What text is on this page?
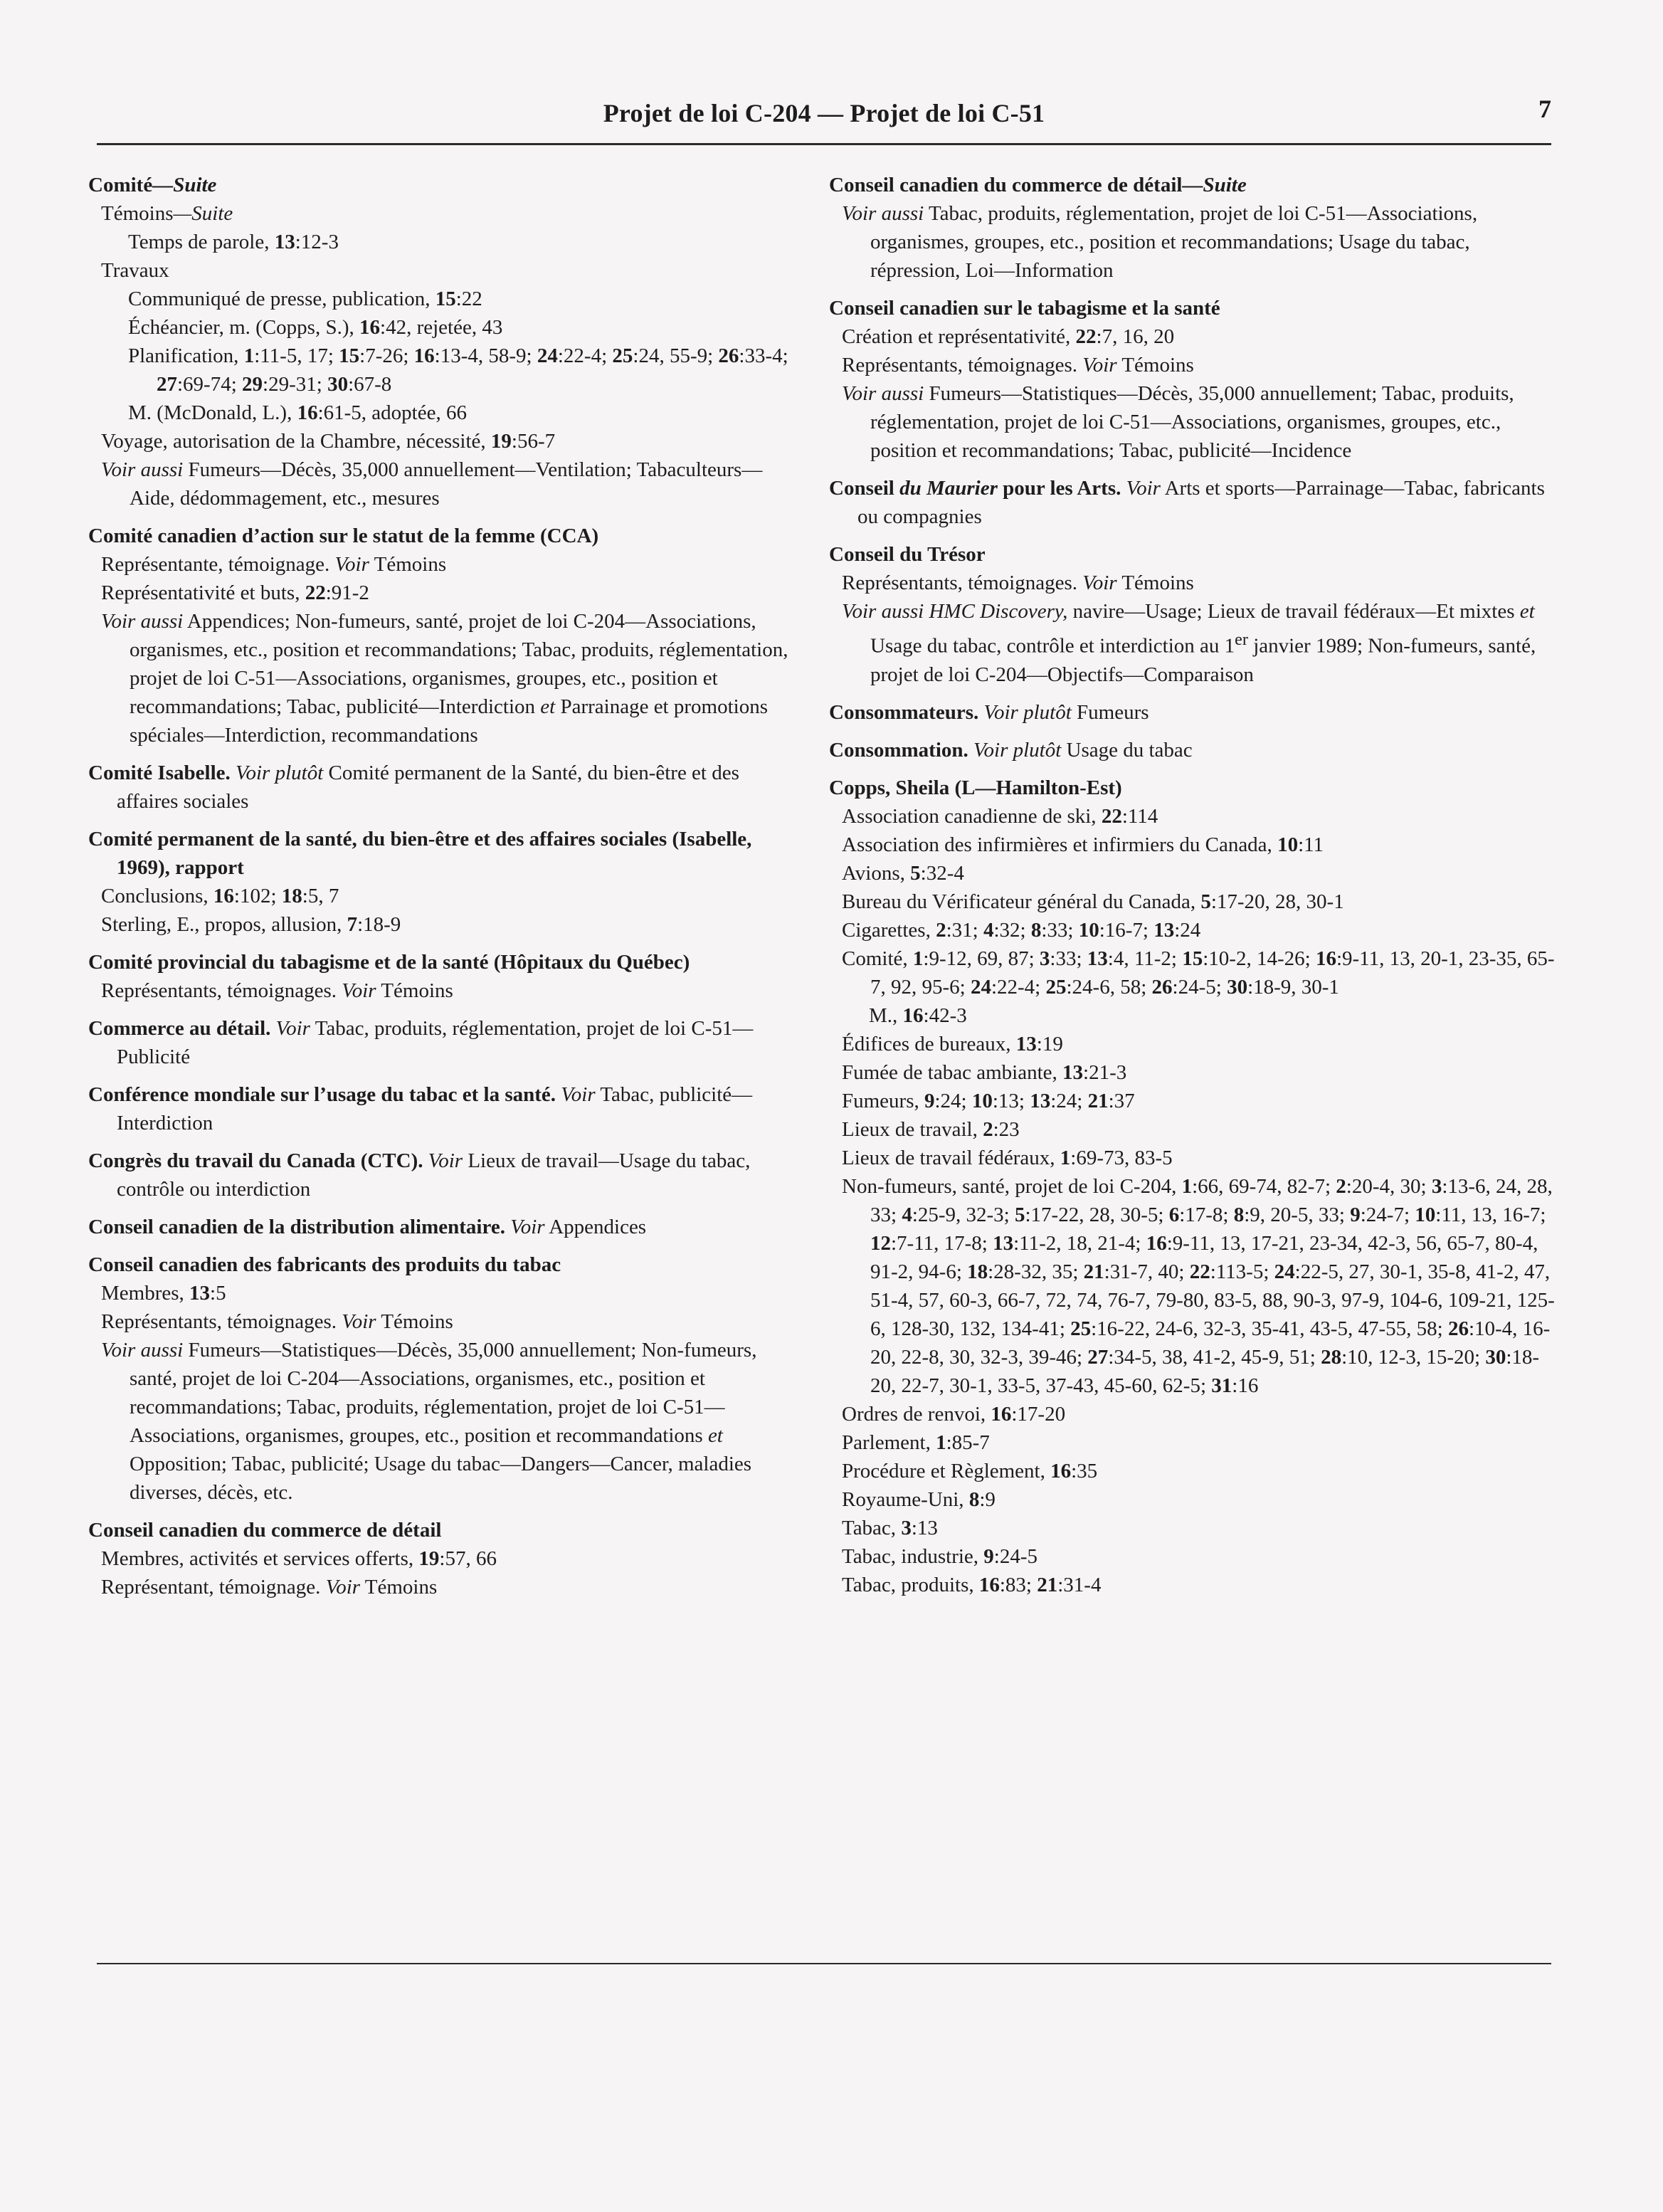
Projet de loi C-204 — Projet de loi C-51	7
Comité—Suite
Témoins—Suite
Temps de parole, 13:12-3
Travaux
Communiqué de presse, publication, 15:22
Échéancier, m. (Copps, S.), 16:42, rejetée, 43
Planification, 1:11-5, 17; 15:7-26; 16:13-4, 58-9; 24:22-4; 25:24, 55-9; 26:33-4; 27:69-74; 29:29-31; 30:67-8
M. (McDonald, L.), 16:61-5, adoptée, 66
Voyage, autorisation de la Chambre, nécessité, 19:56-7
Voir aussi Fumeurs—Décès, 35,000 annuellement—Ventilation; Tabaculteurs—Aide, dédommagement, etc., mesures
Comité canadien d’action sur le statut de la femme (CCA)
Représentante, témoignage. Voir Témoins
Représentativité et buts, 22:91-2
Voir aussi Appendices; Non-fumeurs, santé, projet de loi C-204—Associations, organismes, etc., position et recommandations; Tabac, produits, réglementation, projet de loi C-51—Associations, organismes, groupes, etc., position et recommandations; Tabac, publicité—Interdiction et Parrainage et promotions spéciales—Interdiction, recommandations
Comité Isabelle. Voir plutôt Comité permanent de la Santé, du bien-être et des affaires sociales
Comité permanent de la santé, du bien-être et des affaires sociales (Isabelle, 1969), rapport
Conclusions, 16:102; 18:5, 7
Sterling, E., propos, allusion, 7:18-9
Comité provincial du tabagisme et de la santé (Hôpitaux du Québec)
Représentants, témoignages. Voir Témoins
Commerce au détail. Voir Tabac, produits, réglementation, projet de loi C-51—Publicité
Conférence mondiale sur l’usage du tabac et la santé. Voir Tabac, publicité—Interdiction
Congrès du travail du Canada (CTC). Voir Lieux de travail—Usage du tabac, contrôle ou interdiction
Conseil canadien de la distribution alimentaire. Voir Appendices
Conseil canadien des fabricants des produits du tabac
Membres, 13:5
Représentants, témoignages. Voir Témoins
Voir aussi Fumeurs—Statistiques—Décès, 35,000 annuellement; Non-fumeurs, santé, projet de loi C-204—Associations, organismes, etc., position et recommandations; Tabac, produits, réglementation, projet de loi C-51—Associations, organismes, groupes, etc., position et recommandations et Opposition; Tabac, publicité; Usage du tabac—Dangers—Cancer, maladies diverses, décès, etc.
Conseil canadien du commerce de détail
Membres, activités et services offerts, 19:57, 66
Représentant, témoignage. Voir Témoins
Conseil canadien du commerce de détail—Suite
Voir aussi Tabac, produits, réglementation, projet de loi C-51—Associations, organismes, groupes, etc., position et recommandations; Usage du tabac, répression, Loi—Information
Conseil canadien sur le tabagisme et la santé
Création et représentativité, 22:7, 16, 20
Représentants, témoignages. Voir Témoins
Voir aussi Fumeurs—Statistiques—Décès, 35,000 annuellement; Tabac, produits, réglementation, projet de loi C-51—Associations, organismes, groupes, etc., position et recommandations; Tabac, publicité—Incidence
Conseil du Maurier pour les Arts. Voir Arts et sports—Parrainage—Tabac, fabricants ou compagnies
Conseil du Trésor
Représentants, témoignages. Voir Témoins
Voir aussi HMC Discovery, navire—Usage; Lieux de travail fédéraux—Et mixtes et Usage du tabac, contrôle et interdiction au 1er janvier 1989; Non-fumeurs, santé, projet de loi C-204—Objectifs—Comparaison
Consommateurs. Voir plutôt Fumeurs
Consommation. Voir plutôt Usage du tabac
Copps, Sheila (L—Hamilton-Est)
Association canadienne de ski, 22:114
Association des infirmières et infirmiers du Canada, 10:11
Avions, 5:32-4
Bureau du Vérificateur général du Canada, 5:17-20, 28, 30-1
Cigarettes, 2:31; 4:32; 8:33; 10:16-7; 13:24
Comité, 1:9-12, 69, 87; 3:33; 13:4, 11-2; 15:10-2, 14-26; 16:9-11, 13, 20-1, 23-35, 65-7, 92, 95-6; 24:22-4; 25:24-6, 58; 26:24-5; 30:18-9, 30-1
M., 16:42-3
Édifices de bureaux, 13:19
Fumée de tabac ambiante, 13:21-3
Fumeurs, 9:24; 10:13; 13:24; 21:37
Lieux de travail, 2:23
Lieux de travail fédéraux, 1:69-73, 83-5
Non-fumeurs, santé, projet de loi C-204, 1:66, 69-74, 82-7; 2:20-4, 30; 3:13-6, 24, 28, 33; 4:25-9, 32-3; 5:17-22, 28, 30-5; 6:17-8; 8:9, 20-5, 33; 9:24-7; 10:11, 13, 16-7; 12:7-11, 17-8; 13:11-2, 18, 21-4; 16:9-11, 13, 17-21, 23-34, 42-3, 56, 65-7, 80-4, 91-2, 94-6; 18:28-32, 35; 21:31-7, 40; 22:113-5; 24:22-5, 27, 30-1, 35-8, 41-2, 47, 51-4, 57, 60-3, 66-7, 72, 74, 76-7, 79-80, 83-5, 88, 90-3, 97-9, 104-6, 109-21, 125-6, 128-30, 132, 134-41; 25:16-22, 24-6, 32-3, 35-41, 43-5, 47-55, 58; 26:10-4, 16-20, 22-8, 30, 32-3, 39-46; 27:34-5, 38, 41-2, 45-9, 51; 28:10, 12-3, 15-20; 30:18-20, 22-7, 30-1, 33-5, 37-43, 45-60, 62-5; 31:16
Ordres de renvoi, 16:17-20
Parlement, 1:85-7
Procédure et Règlement, 16:35
Royaume-Uni, 8:9
Tabac, 3:13
Tabac, industrie, 9:24-5
Tabac, produits, 16:83; 21:31-4
